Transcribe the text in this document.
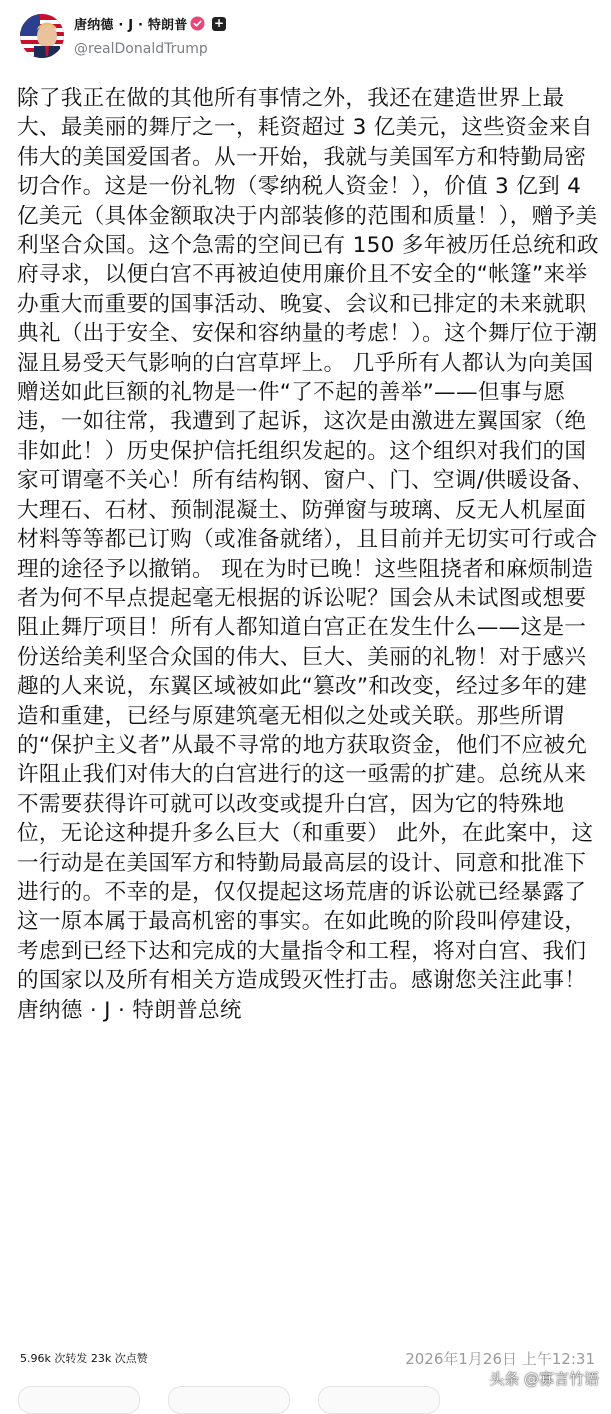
唐纳德 · J · 特朗普 +
@realDonaldTrump

除了我正在做的其他所有事情之外，我还在建造世界上最大、最美丽的舞厅之一，耗资超过 3 亿美元，这些资金来自伟大的美国爱国者。从一开始，我就与美国军方和特勤局密切合作。这是一份礼物（零纳税人资金！），价值 3 亿到 4 亿美元（具体金额取决于内部装修的范围和质量！），赠予美利坚合众国。这个急需的空间已有 150 多年被历任总统和政府寻求，以便白宫不再被迫使用廉价且不安全的“帐篷”来举办重大而重要的国事活动、晚宴、会议和已排定的未来就职典礼（出于安全、安保和容纳量的考虑！）。这个舞厅位于潮湿且易受天气影响的白宫草坪上。 几乎所有人都认为向美国赠送如此巨额的礼物是一件“了不起的善举”——但事与愿违，一如往常，我遭到了起诉，这次是由激进左翼国家（绝非如此！）历史保护信托组织发起的。这个组织对我们的国家可谓毫不关心！所有结构钢、窗户、门、空调/供暖设备、大理石、石材、预制混凝土、防弹窗与玻璃、反无人机屋面材料等等都已订购（或准备就绪），且目前并无切实可行或合理的途径予以撤销。 现在为时已晚！这些阻挠者和麻烦制造者为何不早点提起毫无根据的诉讼呢？国会从未试图或想要阻止舞厅项目！所有人都知道白宫正在发生什么——这是一份送给美利坚合众国的伟大、巨大、美丽的礼物！对于感兴趣的人来说，东翼区域被如此“篡改”和改变，经过多年的建造和重建，已经与原建筑毫无相似之处或关联。那些所谓的“保护主义者”从最不寻常的地方获取资金，他们不应被允许阻止我们对伟大的白宫进行的这一亟需的扩建。总统从来不需要获得许可就可以改变或提升白宫，因为它的特殊地位，无论这种提升多么巨大（和重要） 此外，在此案中，这一行动是在美国军方和特勤局最高层的设计、同意和批准下进行的。不幸的是，仅仅提起这场荒唐的诉讼就已经暴露了这一原本属于最高机密的事实。在如此晚的阶段叫停建设，考虑到已经下达和完成的大量指令和工程，将对白宫、我们的国家以及所有相关方造成毁灭性打击。感谢您关注此事！唐纳德 · J · 特朗普总统

5.96k 次转发 23k 次点赞	2026年1月26日 上午12:31
头条 @寡言竹语
